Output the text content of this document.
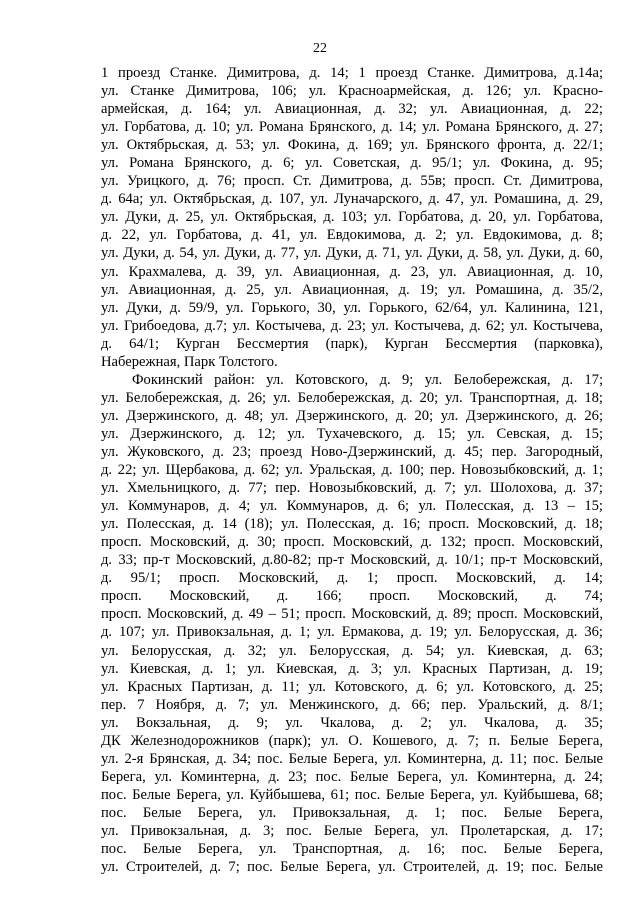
22
1 проезд Станке. Димитрова, д. 14; 1 проезд Станке. Димитрова, д.14а;
ул. Станке Димитрова, 106; ул. Красноармейская, д. 126; ул. Красно-
армейская, д. 164; ул. Авиационная, д. 32; ул. Авиационная, д. 22;
ул. Горбатова, д. 10; ул. Романа Брянского, д. 14; ул. Романа Брянского, д. 27;
ул. Октябрьская, д. 53; ул. Фокина, д. 169; ул. Брянского фронта, д. 22/1;
ул. Романа Брянского, д. 6; ул. Советская, д. 95/1; ул. Фокина, д. 95;
ул. Урицкого, д. 76; просп. Ст. Димитрова, д. 55в; просп. Ст. Димитрова,
д. 64а; ул. Октябрьская, д. 107, ул. Луначарского, д. 47, ул. Ромашина, д. 29,
ул. Дуки, д. 25, ул. Октябрьская, д. 103; ул. Горбатова, д. 20, ул. Горбатова,
д. 22, ул. Горбатова, д. 41, ул. Евдокимова, д. 2; ул. Евдокимова, д. 8;
ул. Дуки, д. 54, ул. Дуки, д. 77, ул. Дуки, д. 71, ул. Дуки, д. 58, ул. Дуки, д. 60,
ул. Крахмалева, д. 39, ул. Авиационная, д. 23, ул. Авиационная, д. 10,
ул. Авиационная, д. 25, ул. Авиационная, д. 19; ул. Ромашина, д. 35/2,
ул. Дуки, д. 59/9, ул. Горького, 30, ул. Горького, 62/64, ул. Калинина, 121,
ул. Грибоедова, д.7; ул. Костычева, д. 23; ул. Костычева, д. 62; ул. Костычева,
д. 64/1; Курган Бессмертия (парк), Курган Бессмертия (парковка),
Набережная, Парк Толстого.
Фокинский район: ул. Котовского, д. 9; ул. Белобережская, д. 17;
ул. Белобережская, д. 26; ул. Белобережская, д. 20; ул. Транспортная, д. 18;
ул. Дзержинского, д. 48; ул. Дзержинского, д. 20; ул. Дзержинского, д. 26;
ул. Дзержинского, д. 12; ул. Тухачевского, д. 15; ул. Севская, д. 15;
ул. Жуковского, д. 23; проезд Ново-Дзержинский, д. 45; пер. Загородный,
д. 22; ул. Щербакова, д. 62; ул. Уральская, д. 100; пер. Новозыбковский, д. 1;
ул. Хмельницкого, д. 77; пер. Новозыбковский, д. 7; ул. Шолохова, д. 37;
ул. Коммунаров, д. 4; ул. Коммунаров, д. 6; ул. Полесская, д. 13 – 15;
ул. Полесская, д. 14 (18); ул. Полесская, д. 16; просп. Московский, д. 18;
просп. Московский, д. 30; просп. Московский, д. 132; просп. Московский,
д. 33; пр-т Московский, д.80-82; пр-т Московский, д. 10/1; пр-т Московский,
д. 95/1; просп. Московский, д. 1; просп. Московский, д. 14;
просп. Московский, д. 166; просп. Московский, д. 74;
просп. Московский, д. 49 – 51; просп. Московский, д. 89; просп. Московский,
д. 107; ул. Привокзальная, д. 1; ул. Ермакова, д. 19; ул. Белорусская, д. 36;
ул. Белорусская, д. 32; ул. Белорусская, д. 54; ул. Киевская, д. 63;
ул. Киевская, д. 1; ул. Киевская, д. 3; ул. Красных Партизан, д. 19;
ул. Красных Партизан, д. 11; ул. Котовского, д. 6; ул. Котовского, д. 25;
пер. 7 Ноября, д. 7; ул. Менжинского, д. 66; пер. Уральский, д. 8/1;
ул. Вокзальная, д. 9; ул. Чкалова, д. 2; ул. Чкалова, д. 35;
ДК Железнодорожников (парк); ул. О. Кошевого, д. 7; п. Белые Берега,
ул. 2-я Брянская, д. 34; пос. Белые Берега, ул. Коминтерна, д. 11; пос. Белые
Берега, ул. Коминтерна, д. 23; пос. Белые Берега, ул. Коминтерна, д. 24;
пос. Белые Берега, ул. Куйбышева, 61; пос. Белые Берега, ул. Куйбышева, 68;
пос. Белые Берега, ул. Привокзальная, д. 1; пос. Белые Берега,
ул. Привокзальная, д. 3; пос. Белые Берега, ул. Пролетарская, д. 17;
пос. Белые Берега, ул. Транспортная, д. 16; пос. Белые Берега,
ул. Строителей, д. 7; пос. Белые Берега, ул. Строителей, д. 19; пос. Белые
